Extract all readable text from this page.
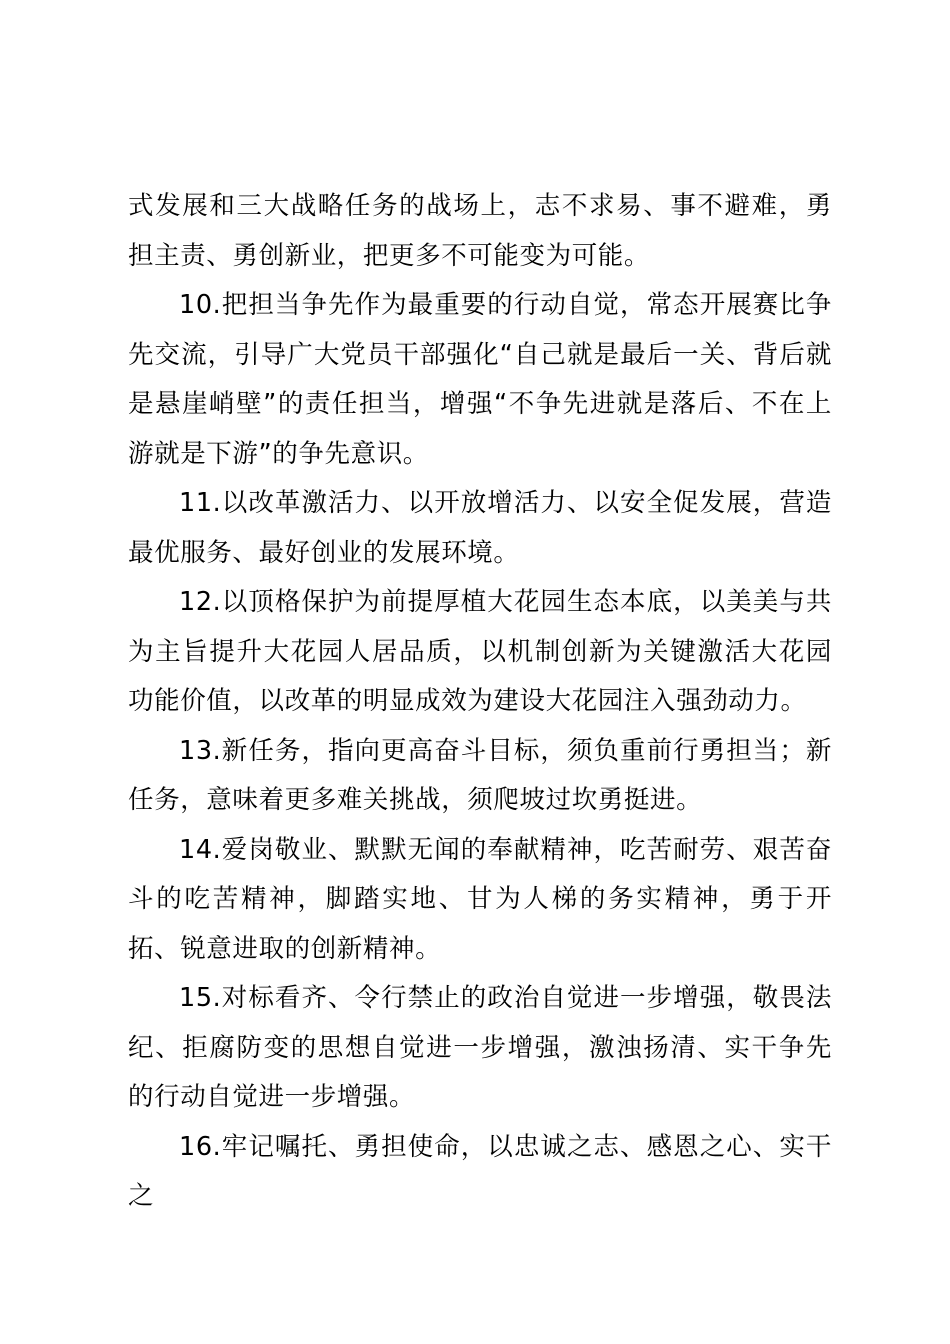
式发展和三大战略任务的战场上，志不求易、事不避难，勇担主责、勇创新业，把更多不可能变为可能。

10.把担当争先作为最重要的行动自觉，常态开展赛比争先交流，引导广大党员干部强化“自己就是最后一关、背后就是悬崖峭壁”的责任担当，增强“不争先进就是落后、不在上游就是下游”的争先意识。

11.以改革激活力、以开放增活力、以安全促发展，营造最优服务、最好创业的发展环境。

12.以顶格保护为前提厚植大花园生态本底，以美美与共为主旨提升大花园人居品质，以机制创新为关键激活大花园功能价值，以改革的明显成效为建设大花园注入强劲动力。

13.新任务，指向更高奋斗目标，须负重前行勇担当；新任务，意味着更多难关挑战，须爬坡过坎勇挺进。

14.爱岗敬业、默默无闻的奉献精神，吃苦耐劳、艰苦奋斗的吃苦精神，脚踏实地、甘为人梯的务实精神，勇于开拓、锐意进取的创新精神。

15.对标看齐、令行禁止的政治自觉进一步增强，敬畏法纪、拒腐防变的思想自觉进一步增强，激浊扬清、实干争先的行动自觉进一步增强。

16.牢记嘱托、勇担使命，以忠诚之志、感恩之心、实干之
